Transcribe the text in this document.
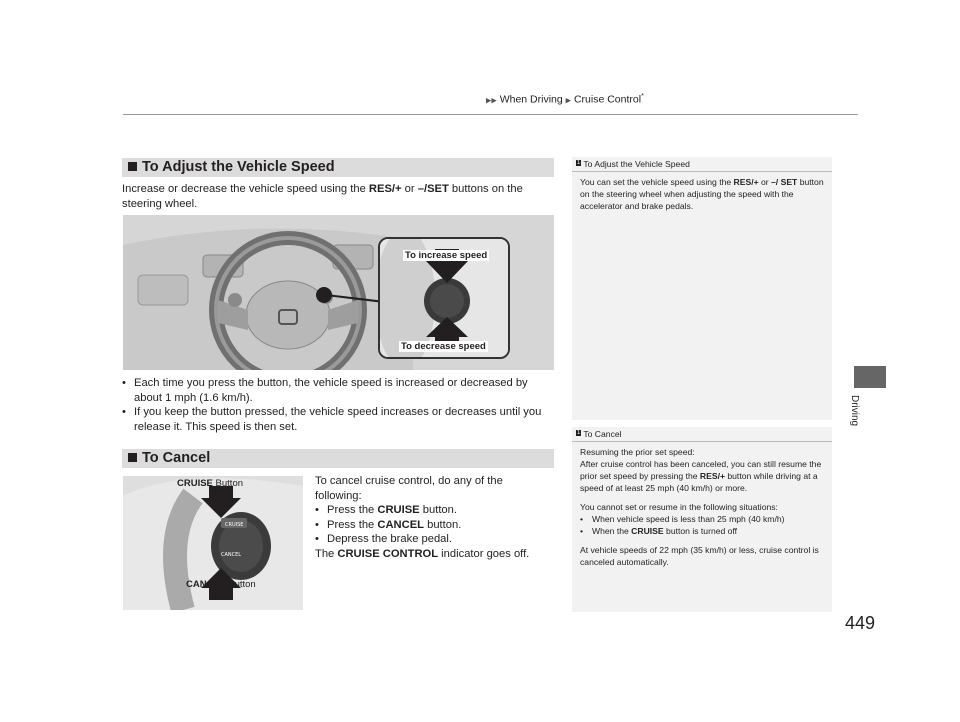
▶▶ When Driving ▶ Cruise Control*
Driving
449
To Adjust the Vehicle Speed
Increase or decrease the vehicle speed using the RES/+ or –/SET buttons on the steering wheel.
To increase speed
To decrease speed
• Each time you press the button, the vehicle speed is increased or decreased by about 1 mph (1.6 km/h).
• If you keep the button pressed, the vehicle speed increases or decreases until you release it. This speed is then set.
To Cancel
CRUISE
CANCEL
CRUISE Button
CANCEL Button
To cancel cruise control, do any of the following:
• Press the CRUISE button.
• Press the CANCEL button.
• Depress the brake pedal.
The CRUISE CONTROL indicator goes off.
$^1$ To Adjust the Vehicle Speed
You can set the vehicle speed using the RES/+ or –/ SET button on the steering wheel when adjusting the speed with the accelerator and brake pedals.
$^1$ To Cancel
Resuming the prior set speed:
After cruise control has been canceled, you can still resume the prior set speed by pressing the RES/+ button while driving at a speed of at least 25 mph (40 km/h) or more.
You cannot set or resume in the following situations:
• When vehicle speed is less than 25 mph (40 km/h)
• When the CRUISE button is turned off
At vehicle speeds of 22 mph (35 km/h) or less, cruise control is canceled automatically.
